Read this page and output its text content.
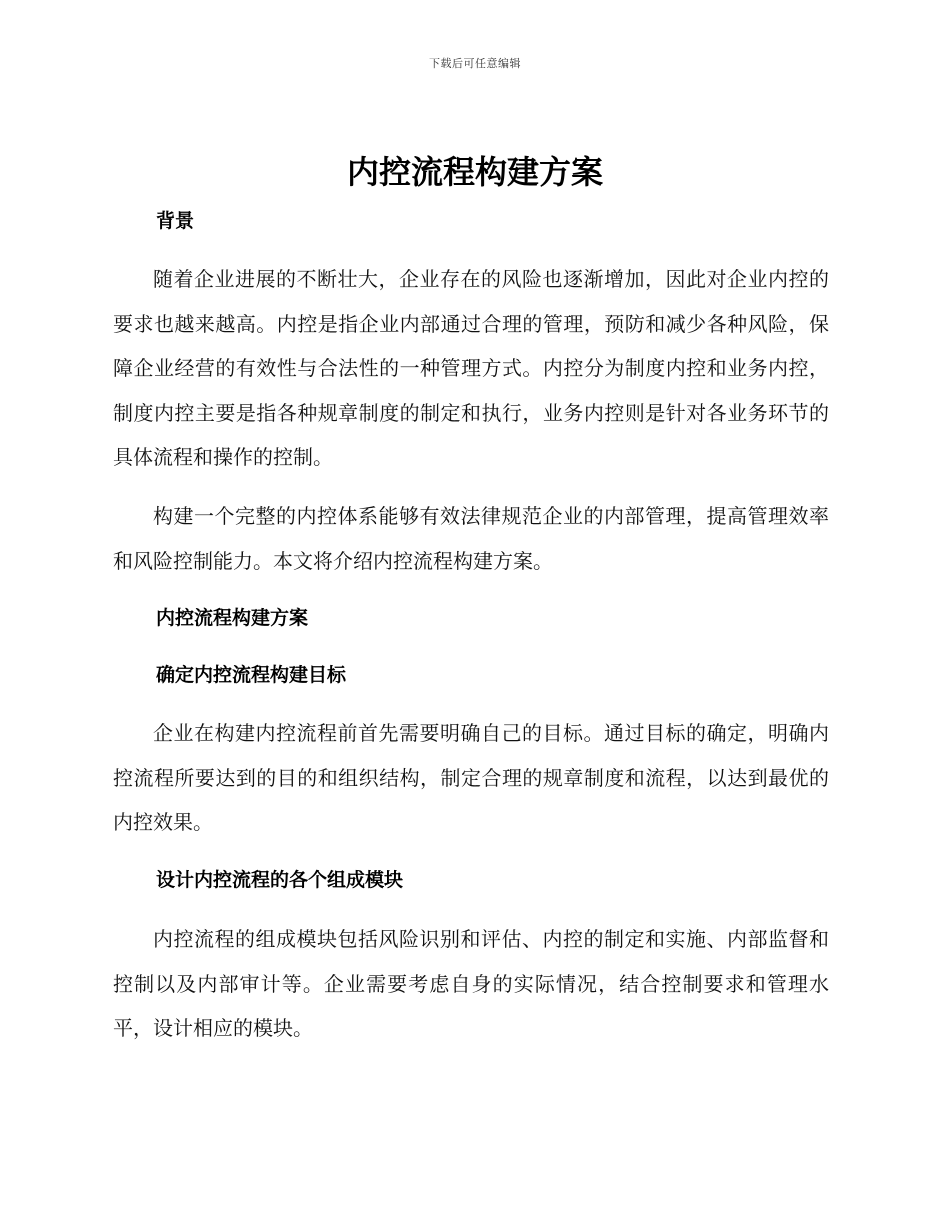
下载后可任意编辑
内控流程构建方案
背景

随着企业进展的不断壮大，企业存在的风险也逐渐增加，因此对企业内控的要求也越来越高。内控是指企业内部通过合理的管理，预防和减少各种风险，保障企业经营的有效性与合法性的一种管理方式。内控分为制度内控和业务内控，制度内控主要是指各种规章制度的制定和执行，业务内控则是针对各业务环节的具体流程和操作的控制。

构建一个完整的内控体系能够有效法律规范企业的内部管理，提高管理效率和风险控制能力。本文将介绍内控流程构建方案。

内控流程构建方案
确定内控流程构建目标

企业在构建内控流程前首先需要明确自己的目标。通过目标的确定，明确内控流程所要达到的目的和组织结构，制定合理的规章制度和流程，以达到最优的内控效果。

设计内控流程的各个组成模块

内控流程的组成模块包括风险识别和评估、内控的制定和实施、内部监督和控制以及内部审计等。企业需要考虑自身的实际情况，结合控制要求和管理水平，设计相应的模块。
